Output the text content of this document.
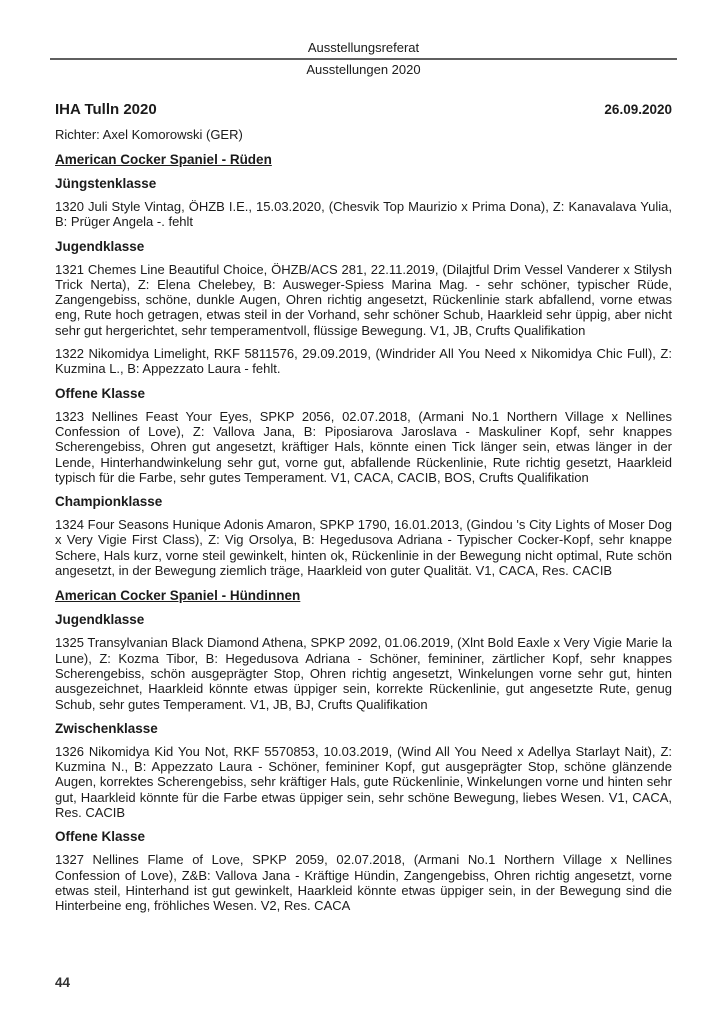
Ausstellungsreferat
Ausstellungen 2020
IHA Tulln 2020	26.09.2020
Richter: Axel Komorowski (GER)
American Cocker Spaniel - Rüden
Jüngstenklasse

1320 Juli Style Vintag, ÖHZB I.E., 15.03.2020, (Chesvik Top Maurizio x Prima Dona), Z: Kanavalava Yulia, B: Prüger Angela -. fehlt

Jugendklasse

1321 Chemes Line Beautiful Choice, ÖHZB/ACS 281, 22.11.2019, (Dilajtful Drim Vessel Vanderer x Stilysh Trick Nerta), Z: Elena Chelebey, B: Ausweger-Spiess Marina Mag. - sehr schöner, typischer Rüde, Zangengebiss, schöne, dunkle Augen, Ohren richtig angesetzt, Rückenlinie stark abfallend, vorne etwas eng, Rute hoch getragen, etwas steil in der Vorhand, sehr schöner Schub, Haarkleid sehr üppig, aber nicht sehr gut hergerichtet, sehr temperamentvoll, flüssige Bewegung. V1, JB, Crufts Qualifikation

1322 Nikomidya Limelight, RKF 5811576, 29.09.2019, (Windrider All You Need x Nikomidya Chic Full), Z: Kuzmina L., B: Appezzato Laura - fehlt.

Offene Klasse

1323 Nellines Feast Your Eyes, SPKP 2056, 02.07.2018, (Armani No.1 Northern Village x Nellines Confession of Love), Z: Vallova Jana, B: Piposiarova Jaroslava - Maskuliner Kopf, sehr knappes Scherengebiss, Ohren gut angesetzt, kräftiger Hals, könnte einen Tick länger sein, etwas länger in der Lende, Hinterhandwinkelung sehr gut, vorne gut, abfallende Rückenlinie, Rute richtig gesetzt, Haarkleid typisch für die Farbe, sehr gutes Temperament. V1, CACA, CACIB, BOS, Crufts Qualifikation

Championklasse

1324 Four Seasons Hunique Adonis Amaron, SPKP 1790, 16.01.2013, (Gindou 's City Lights of Moser Dog x Very Vigie First Class), Z: Vig Orsolya, B: Hegedusova Adriana - Typischer Cocker-Kopf, sehr knappe Schere, Hals kurz, vorne steil gewinkelt, hinten ok, Rückenlinie in der Bewegung nicht optimal, Rute schön angesetzt, in der Bewegung ziemlich träge, Haarkleid von guter Qualität. V1, CACA, Res. CACIB

American Cocker Spaniel - Hündinnen
Jugendklasse

1325 Transylvanian Black Diamond Athena, SPKP 2092, 01.06.2019, (Xlnt Bold Eaxle x Very Vigie Marie la Lune), Z: Kozma Tibor, B: Hegedusova Adriana - Schöner, femininer, zärtlicher Kopf, sehr knappes Scherengebiss, schön ausgeprägter Stop, Ohren richtig angesetzt, Winkelungen vorne sehr gut, hinten ausgezeichnet, Haarkleid könnte etwas üppiger sein, korrekte Rückenlinie, gut angesetzte Rute, genug Schub, sehr gutes Temperament. V1, JB, BJ, Crufts Qualifikation

Zwischenklasse

1326 Nikomidya Kid You Not, RKF 5570853, 10.03.2019, (Wind All You Need x Adellya Starlayt Nait), Z: Kuzmina N., B: Appezzato Laura - Schöner, femininer Kopf, gut ausgeprägter Stop, schöne glänzende Augen, korrektes Scherengebiss, sehr kräftiger Hals, gute Rückenlinie, Winkelungen vorne und hinten sehr gut, Haarkleid könnte für die Farbe etwas üppiger sein, sehr schöne Bewegung, liebes Wesen. V1, CACA, Res. CACIB

Offene Klasse

1327 Nellines Flame of Love, SPKP 2059, 02.07.2018, (Armani No.1 Northern Village x Nellines Confession of Love), Z&B: Vallova Jana - Kräftige Hündin, Zangengebiss, Ohren richtig angesetzt, vorne etwas steil, Hinterhand ist gut gewinkelt, Haarkleid könnte etwas üppiger sein, in der Bewegung sind die Hinterbeine eng, fröhliches Wesen. V2, Res. CACA

44
